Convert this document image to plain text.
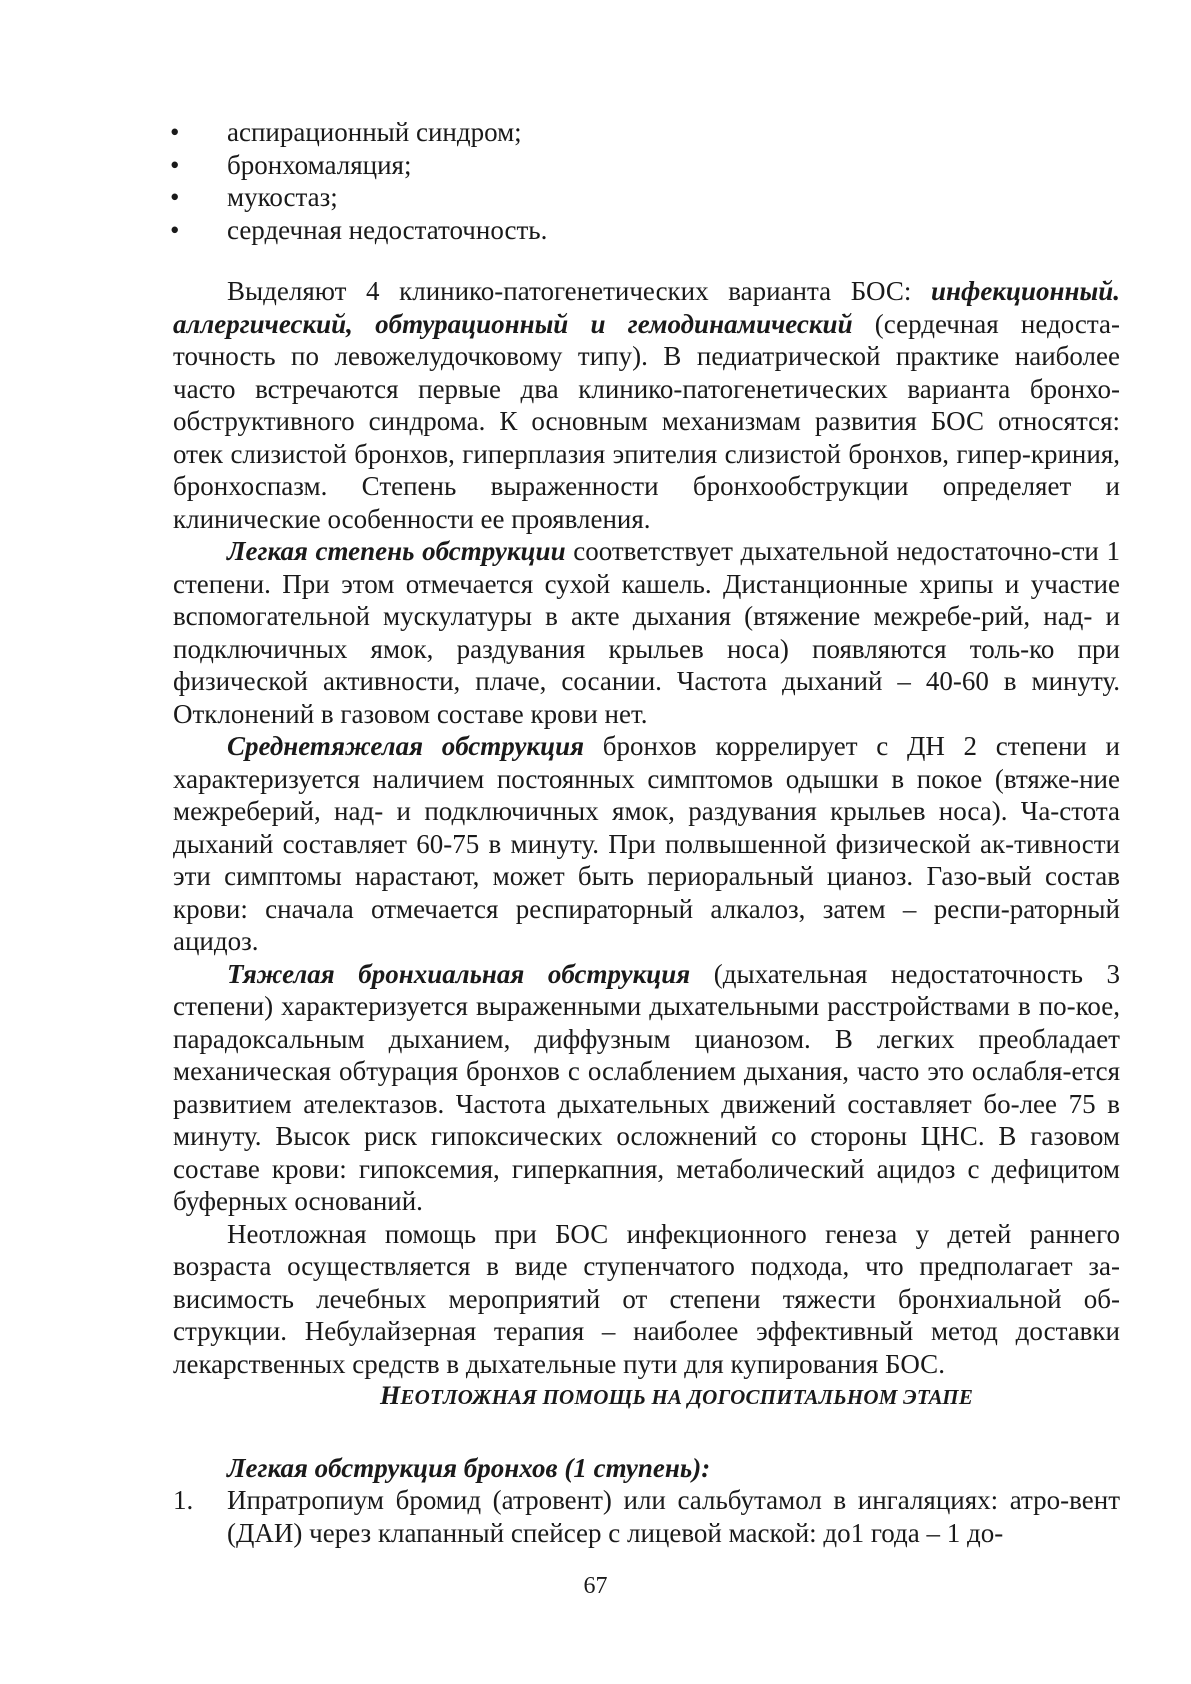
• аспирационный синдром;
• бронхомаляция;
• мукостаз;
• сердечная недостаточность.

Выделяют 4 клинико-патогенетических варианта БОС: инфекционный. аллергический, обтурационный и гемодинамический (сердечная недоста-точность по левожелудочковому типу). В педиатрической практике наиболее часто встречаются первые два клинико-патогенетических варианта бронхо-обструктивного синдрома. К основным механизмам развития БОС относятся: отек слизистой бронхов, гиперплазия эпителия слизистой бронхов, гипер-криния, бронхоспазм. Степень выраженности бронхообструкции определяет и клинические особенности ее проявления.

Легкая степень обструкции соответствует дыхательной недостаточно-сти 1 степени. При этом отмечается сухой кашель. Дистанционные хрипы и участие вспомогательной мускулатуры в акте дыхания (втяжение межребе-рий, над- и подключичных ямок, раздувания крыльев носа) появляются толь-ко при физической активности, плаче, сосании. Частота дыханий – 40-60 в минуту. Отклонений в газовом составе крови нет.

Среднетяжелая обструкция бронхов коррелирует с ДН 2 степени и характеризуется наличием постоянных симптомов одышки в покое (втяже-ние межреберий, над- и подключичных ямок, раздувания крыльев носа). Ча-стота дыханий составляет 60-75 в минуту. При полвышенной физической ак-тивности эти симптомы нарастают, может быть периоральный цианоз. Газо-вый состав крови: сначала отмечается респираторный алкалоз, затем – респи-раторный ацидоз.

Тяжелая бронхиальная обструкция (дыхательная недостаточность 3 степени) характеризуется выраженными дыхательными расстройствами в по-кое, парадоксальным дыханием, диффузным цианозом. В легких преобладает механическая обтурация бронхов с ослаблением дыхания, часто это ослабля-ется развитием ателектазов. Частота дыхательных движений составляет бо-лее 75 в минуту. Высок риск гипоксических осложнений со стороны ЦНС. В газовом составе крови: гипоксемия, гиперкапния, метаболический ацидоз с дефицитом буферных оснований.

Неотложная помощь при БОС инфекционного генеза у детей раннего возраста осуществляется в виде ступенчатого подхода, что предполагает за-висимость лечебных мероприятий от степени тяжести бронхиальной об-струкции. Небулайзерная терапия – наиболее эффективный метод доставки лекарственных средств в дыхательные пути для купирования БОС.

НЕОТЛОЖНАЯ ПОМОЩЬ НА ДОГОСПИТАЛЬНОМ ЭТАПЕ

Легкая обструкция бронхов (1 ступень):

1. Ипратропиум бромид (атровент) или сальбутамол в ингаляциях: атро-вент (ДАИ) через клапанный спейсер с лицевой маской: до1 года – 1 до-
67
